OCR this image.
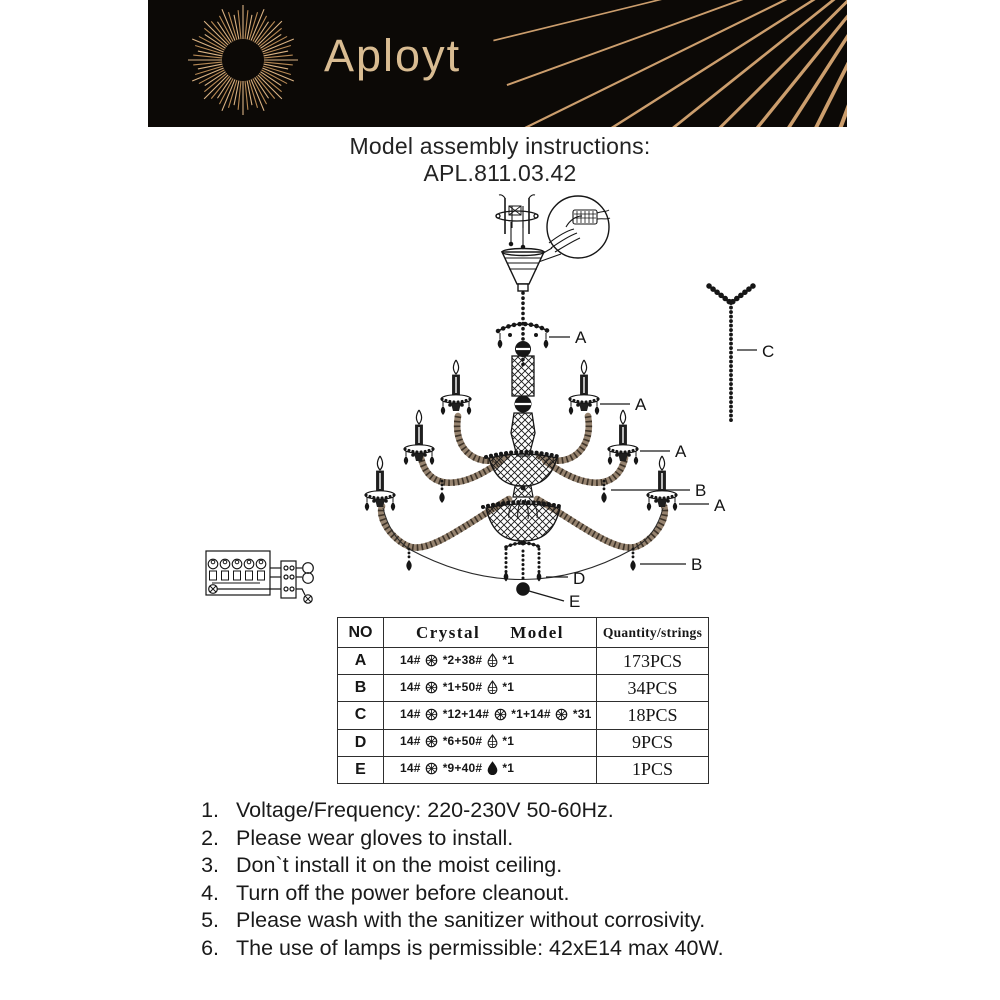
Aployt
Model assembly instructions:
APL.811.03.42
A
A
A
A
B
B
C
D
E
NO	Crystal Model	Quantity/strings
A	14#  *2+38#  *1	173PCS
B	14#  *1+50#  *1	34PCS
C	14#  *12+14#  *1+14#  *31	18PCS
D	14#  *6+50#  *1	9PCS
E	14#  *9+40#  *1	1PCS
1. Voltage/Frequency: 220-230V 50-60Hz.
2. Please wear gloves to install.
3. Don`t install it on the moist ceiling.
4. Turn off the power before cleanout.
5. Please wash with the sanitizer without corrosivity.
6. The use of lamps is permissible: 42xE14 max 40W.
